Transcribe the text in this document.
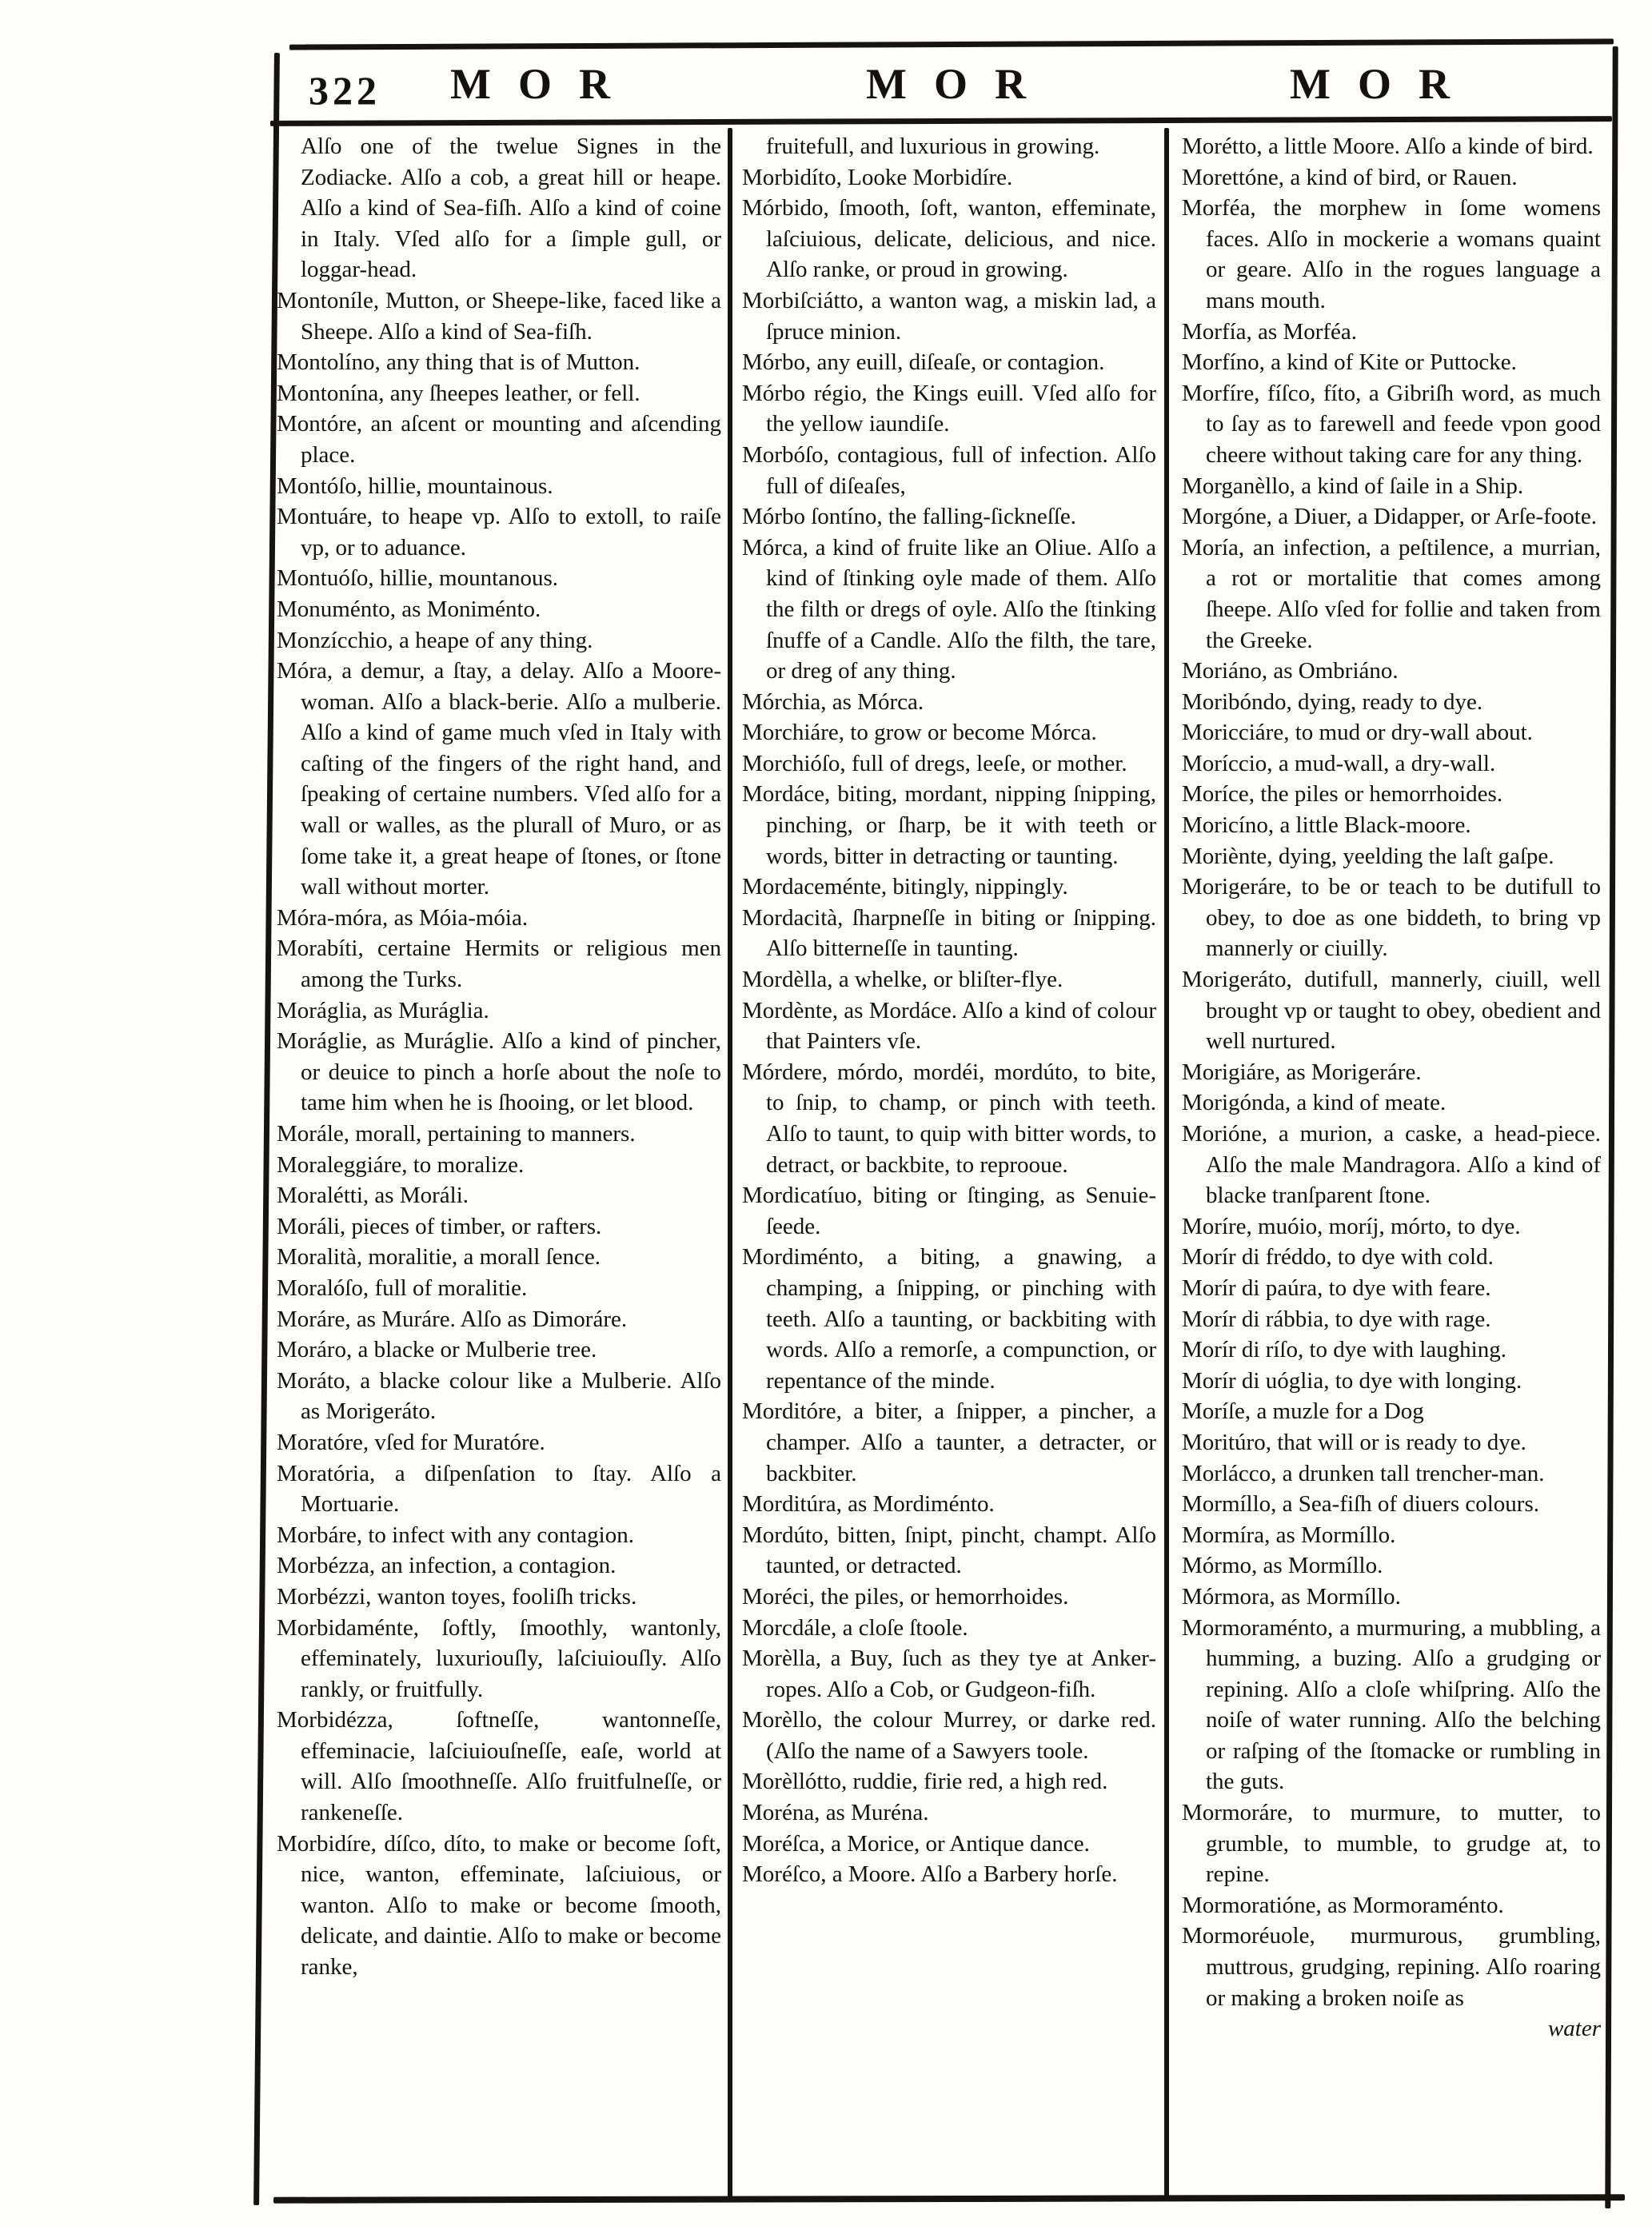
322	MOR	MOR	MOR

Alſo one of the twelue Signes in the Zodiacke. Alſo a cob, a great hill or heape. Alſo a kind of Sea-fiſh. Alſo a kind of coine in Italy. Vſed alſo for a ſimple gull, or loggar-head.

Montoníle, Mutton, or Sheepe-like, faced like a Sheepe. Alſo a kind of Sea-fiſh.

Montolíno, any thing that is of Mutton.

Montonína, any ſheepes leather, or fell.

Montóre, an aſcent or mounting and aſcending place.

Montóſo, hillie, mountainous.

Montuáre, to heape vp. Alſo to extoll, to raiſe vp, or to aduance.

Montuóſo, hillie, mountanous.

Monuménto, as Moniménto.

Monzícchio, a heape of any thing.

Móra, a demur, a ſtay, a delay. Alſo a Moore-woman. Alſo a black-berie. Alſo a mulberie. Alſo a kind of game much vſed in Italy with caſting of the fingers of the right hand, and ſpeaking of certaine numbers. Vſed alſo for a wall or walles, as the plurall of Muro, or as ſome take it, a great heape of ſtones, or ſtone wall without morter.

Móra-móra, as Móia-móia.

Morabíti, certaine Hermits or religious men among the Turks.

Moráglia, as Muráglia.

Moráglie, as Muráglie. Alſo a kind of pincher, or deuice to pinch a horſe about the noſe to tame him when he is ſhooing, or let blood.

Morále, morall, pertaining to manners.

Moraleggiáre, to moralize.

Moralétti, as Moráli.

Moráli, pieces of timber, or rafters.

Moralità, moralitie, a morall ſence.

Moralóſo, full of moralitie.

Moráre, as Muráre. Alſo as Dimoráre.

Moráro, a blacke or Mulberie tree.

Moráto, a blacke colour like a Mulberie. Alſo as Morigeráto.

Moratóre, vſed for Muratóre.

Moratória, a diſpenſation to ſtay. Alſo a Mortuarie.

Morbáre, to infect with any contagion.

Morbézza, an infection, a contagion.

Morbézzi, wanton toyes, fooliſh tricks.

Morbidaménte, ſoftly, ſmoothly, wantonly, effeminately, luxuriouſly, laſciuiouſly. Alſo rankly, or fruitfully.

Morbidézza, ſoftneſſe, wantonneſſe, effeminacie, laſciuiouſneſſe, eaſe, world at will. Alſo ſmoothneſſe. Alſo fruitfulneſſe, or rankeneſſe.

Morbidíre, díſco, díto, to make or become ſoft, nice, wanton, effeminate, laſciuious, or wanton. Alſo to make or become ſmooth, delicate, and daintie. Alſo to make or become ranke,

fruitefull, and luxurious in growing.

Morbidíto, Looke Morbidíre.

Mórbido, ſmooth, ſoft, wanton, effeminate, laſciuious, delicate, delicious, and nice. Alſo ranke, or proud in growing.

Morbiſciátto, a wanton wag, a miskin lad, a ſpruce minion.

Mórbo, any euill, diſeaſe, or contagion.

Mórbo régio, the Kings euill. Vſed alſo for the yellow iaundiſe.

Morbóſo, contagious, full of infection. Alſo full of diſeaſes,

Mórbo ſontíno, the falling-ſickneſſe.

Mórca, a kind of fruite like an Oliue. Alſo a kind of ſtinking oyle made of them. Alſo the filth or dregs of oyle. Alſo the ſtinking ſnuffe of a Candle. Alſo the filth, the tare, or dreg of any thing.

Mórchia, as Mórca.

Morchiáre, to grow or become Mórca.

Morchióſo, full of dregs, leeſe, or mother.

Mordáce, biting, mordant, nipping ſnipping, pinching, or ſharp, be it with teeth or words, bitter in detracting or taunting.

Mordaceménte, bitingly, nippingly.

Mordacità, ſharpneſſe in biting or ſnipping. Alſo bitterneſſe in taunting.

Mordèlla, a whelke, or bliſter-flye.

Mordènte, as Mordáce. Alſo a kind of colour that Painters vſe.

Mórdere, mórdo, mordéi, mordúto, to bite, to ſnip, to champ, or pinch with teeth. Alſo to taunt, to quip with bitter words, to detract, or backbite, to reprooue.

Mordicatíuo, biting or ſtinging, as Senuie-ſeede.

Mordiménto, a biting, a gnawing, a champing, a ſnipping, or pinching with teeth. Alſo a taunting, or backbiting with words. Alſo a remorſe, a compunction, or repentance of the minde.

Morditóre, a biter, a ſnipper, a pincher, a champer. Alſo a taunter, a detracter, or backbiter.

Morditúra, as Mordiménto.

Mordúto, bitten, ſnipt, pincht, champt. Alſo taunted, or detracted.

Moréci, the piles, or hemorrhoides.

Morcdále, a cloſe ſtoole.

Morèlla, a Buy, ſuch as they tye at Anker-ropes. Alſo a Cob, or Gudgeon-fiſh.

Morèllo, the colour Murrey, or darke red. (Alſo the name of a Sawyers toole.

Morèllótto, ruddie, firie red, a high red.

Moréna, as Muréna.

Moréſca, a Morice, or Antique dance.

Moréſco, a Moore. Alſo a Barbery horſe.

Morétto, a little Moore. Alſo a kinde of bird.

Morettóne, a kind of bird, or Rauen.

Morféa, the morphew in ſome womens faces. Alſo in mockerie a womans quaint or geare. Alſo in the rogues language a mans mouth.

Morfía, as Morféa.

Morfíno, a kind of Kite or Puttocke.

Morfíre, fíſco, fíto, a Gibriſh word, as much to ſay as to farewell and feede vpon good cheere without taking care for any thing.

Morganèllo, a kind of ſaile in a Ship.

Morgóne, a Diuer, a Didapper, or Arſe-foote.

Moría, an infection, a peſtilence, a murrian, a rot or mortalitie that comes among ſheepe. Alſo vſed for follie and taken from the Greeke.

Moriáno, as Ombriáno.

Moribóndo, dying, ready to dye.

Moricciáre, to mud or dry-wall about.

Moríccio, a mud-wall, a dry-wall.

Moríce, the piles or hemorrhoides.

Moricíno, a little Black-moore.

Moriènte, dying, yeelding the laſt gaſpe.

Morigeráre, to be or teach to be dutifull to obey, to doe as one biddeth, to bring vp mannerly or ciuilly.

Morigeráto, dutifull, mannerly, ciuill, well brought vp or taught to obey, obedient and well nurtured.

Morigiáre, as Morigeráre.

Morigónda, a kind of meate.

Morióne, a murion, a caske, a head-piece. Alſo the male Mandragora. Alſo a kind of blacke tranſparent ſtone.

Moríre, muóio, moríj, mórto, to dye.

Morír di fréddo, to dye with cold.

Morír di paúra, to dye with feare.

Morír di rábbia, to dye with rage.

Morír di ríſo, to dye with laughing.

Morír di uóglia, to dye with longing.

Moríſe, a muzle for a Dog

Moritúro, that will or is ready to dye.

Morlácco, a drunken tall trencher-man.

Mormíllo, a Sea-fiſh of diuers colours.

Mormíra, as Mormíllo.

Mórmo, as Mormíllo.

Mórmora, as Mormíllo.

Mormoraménto, a murmuring, a mubbling, a humming, a buzing. Alſo a grudging or repining. Alſo a cloſe whiſpring. Alſo the noiſe of water running. Alſo the belching or raſping of the ſtomacke or rumbling in the guts.

Mormoráre, to murmure, to mutter, to grumble, to mumble, to grudge at, to repine.

Mormoratióne, as Mormoraménto.

Mormoréuole, murmurous, grumbling, muttrous, grudging, repining. Alſo roaring or making a broken noiſe as

water
